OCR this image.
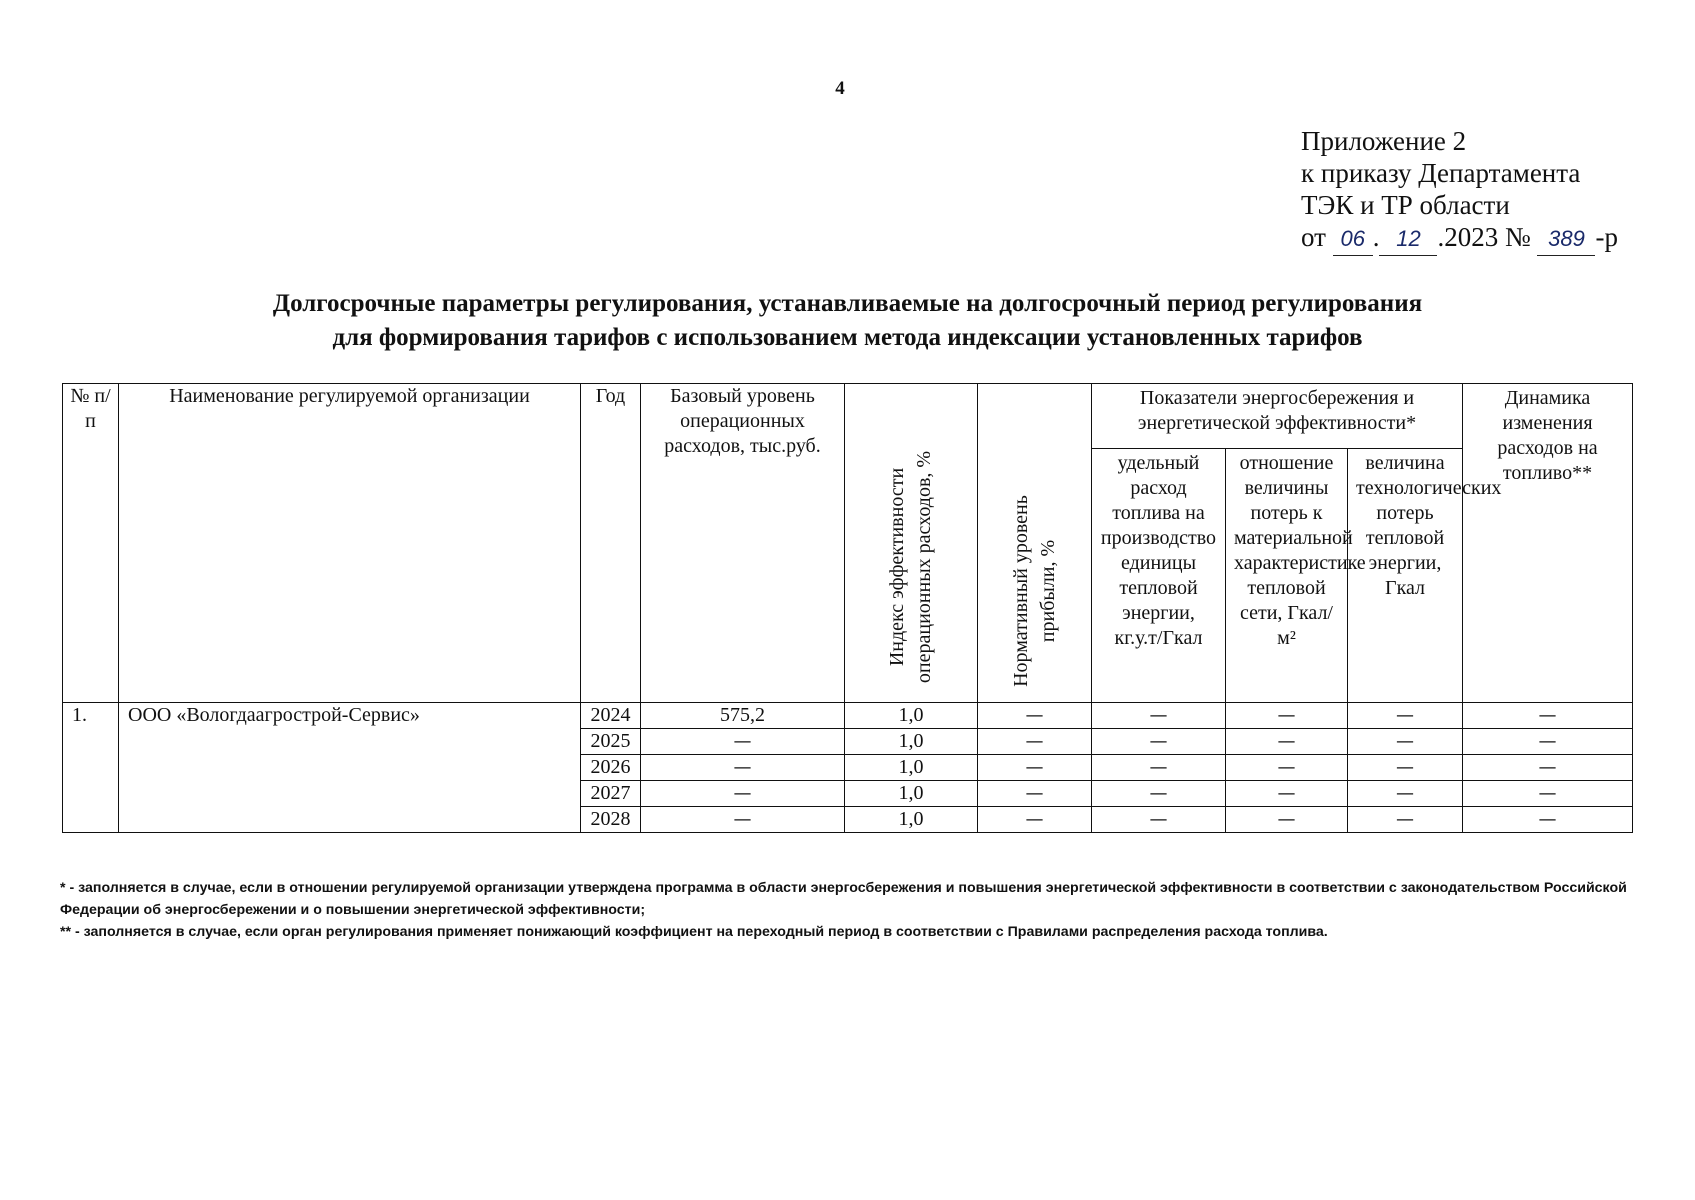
4
Приложение 2
к приказу Департамента
ТЭК и ТР области
от 06 . 12 .2023 № 389 -р
Долгосрочные параметры регулирования, устанавливаемые на долгосрочный период регулирования
для формирования тарифов с использованием метода индексации установленных тарифов
№ п/п	Наименование регулируемой организации	Год	Базовый уровень операционных расходов, тыс.руб.	Индекс эффективности операционных расходов, %	Нормативный уровень прибыли, %	Показатели энергосбережения и энергетической эффективности*			Динамика изменения расходов на топливо**
						удельный расход топлива на производство единицы тепловой энергии, кг.у.т/Гкал	отношение величины потерь к материальной характеристике тепловой сети, Гкал/м²	величина технологических потерь тепловой энергии, Гкал	
1.	ООО «Вологдаагрострой-Сервис»	2024	575,2	1,0	—	—	—	—	—
		2025	—	1,0	—	—	—	—	—
		2026	—	1,0	—	—	—	—	—
		2027	—	1,0	—	—	—	—	—
		2028	—	1,0	—	—	—	—	—

* - заполняется в случае, если в отношении регулируемой организации утверждена программа в области энергосбережения и повышения энергетической эффективности в соответствии с законодательством Российской Федерации об энергосбережении и о повышении энергетической эффективности;

** - заполняется в случае, если орган регулирования применяет понижающий коэффициент на переходный период в соответствии с Правилами распределения расхода топлива.
